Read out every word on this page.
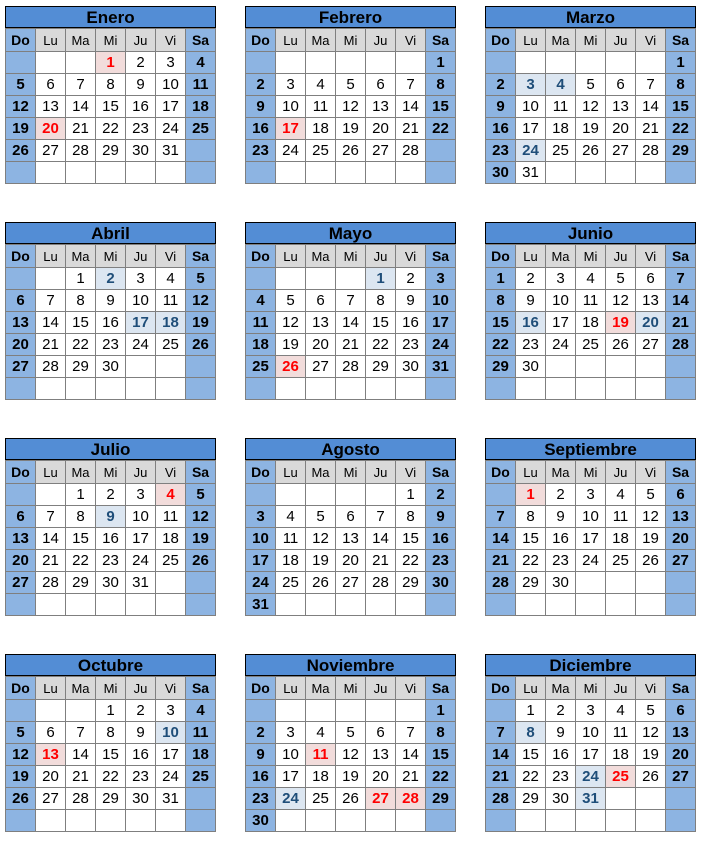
Enero
Do	Lu	Ma	Mi	Ju	Vi	Sa
			1	2	3	4
5	6	7	8	9	10	11
12	13	14	15	16	17	18
19	20	21	22	23	24	25
26	27	28	29	30	31	

Febrero
Do	Lu	Ma	Mi	Ju	Vi	Sa
						1
2	3	4	5	6	7	8
9	10	11	12	13	14	15
16	17	18	19	20	21	22
23	24	25	26	27	28	

Marzo
Do	Lu	Ma	Mi	Ju	Vi	Sa
						1
2	3	4	5	6	7	8
9	10	11	12	13	14	15
16	17	18	19	20	21	22
23	24	25	26	27	28	29
30	31					
Abril
Do	Lu	Ma	Mi	Ju	Vi	Sa
		1	2	3	4	5
6	7	8	9	10	11	12
13	14	15	16	17	18	19
20	21	22	23	24	25	26
27	28	29	30			

Mayo
Do	Lu	Ma	Mi	Ju	Vi	Sa
				1	2	3
4	5	6	7	8	9	10
11	12	13	14	15	16	17
18	19	20	21	22	23	24
25	26	27	28	29	30	31

Junio
Do	Lu	Ma	Mi	Ju	Vi	Sa
1	2	3	4	5	6	7
8	9	10	11	12	13	14
15	16	17	18	19	20	21
22	23	24	25	26	27	28
29	30					

Julio
Do	Lu	Ma	Mi	Ju	Vi	Sa
		1	2	3	4	5
6	7	8	9	10	11	12
13	14	15	16	17	18	19
20	21	22	23	24	25	26
27	28	29	30	31		

Agosto
Do	Lu	Ma	Mi	Ju	Vi	Sa
					1	2
3	4	5	6	7	8	9
10	11	12	13	14	15	16
17	18	19	20	21	22	23
24	25	26	27	28	29	30
31						
Septiembre
Do	Lu	Ma	Mi	Ju	Vi	Sa
	1	2	3	4	5	6
7	8	9	10	11	12	13
14	15	16	17	18	19	20
21	22	23	24	25	26	27
28	29	30				

Octubre
Do	Lu	Ma	Mi	Ju	Vi	Sa
			1	2	3	4
5	6	7	8	9	10	11
12	13	14	15	16	17	18
19	20	21	22	23	24	25
26	27	28	29	30	31	

Noviembre
Do	Lu	Ma	Mi	Ju	Vi	Sa
						1
2	3	4	5	6	7	8
9	10	11	12	13	14	15
16	17	18	19	20	21	22
23	24	25	26	27	28	29
30						
Diciembre
Do	Lu	Ma	Mi	Ju	Vi	Sa
	1	2	3	4	5	6
7	8	9	10	11	12	13
14	15	16	17	18	19	20
21	22	23	24	25	26	27
28	29	30	31			
